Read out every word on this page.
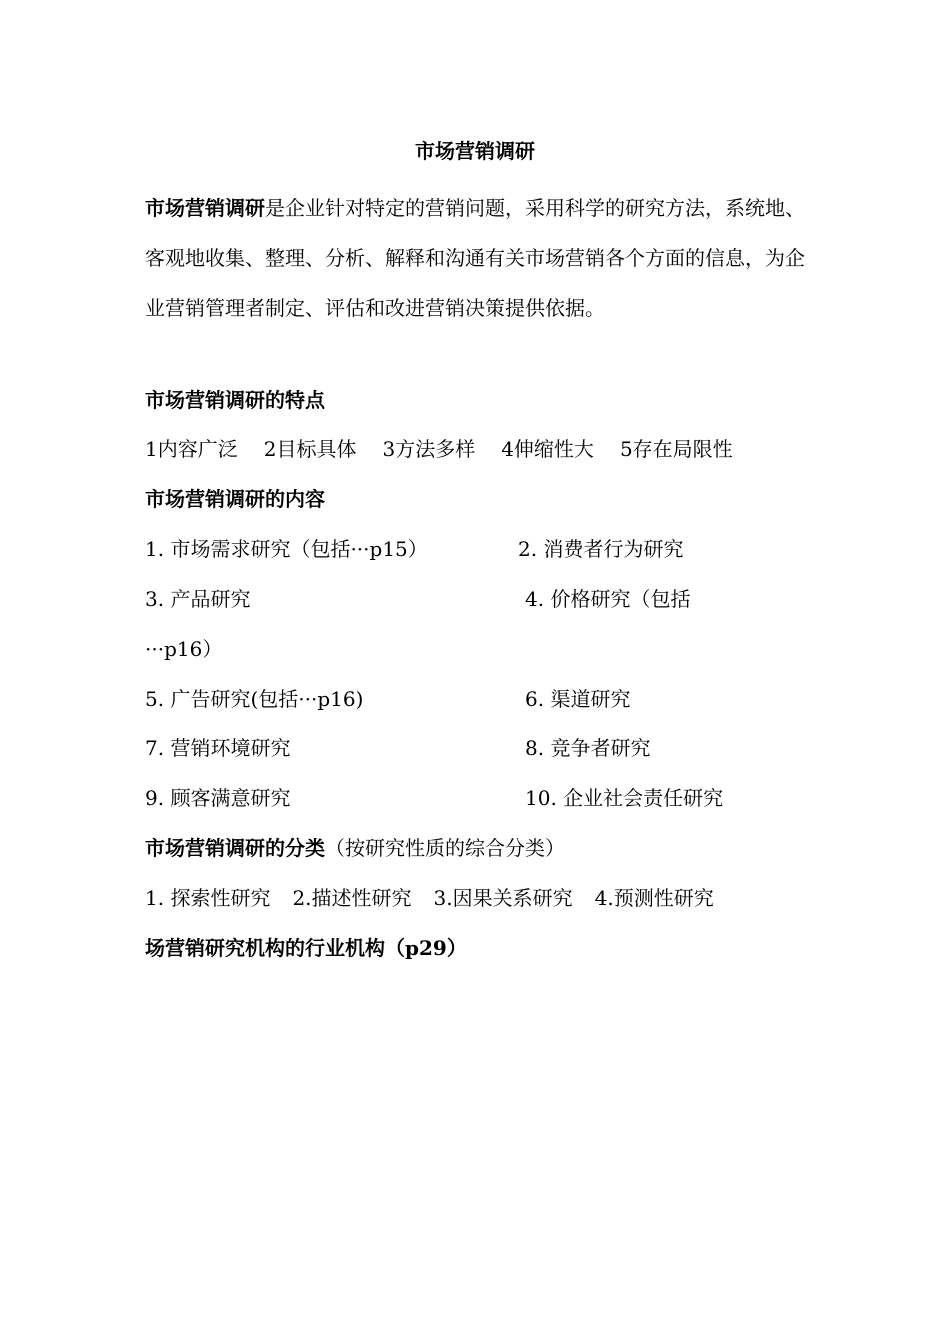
市场营销调研

市场营销调研是企业针对特定的营销问题，采用科学的研究方法，系统地、客观地收集、整理、分析、解释和沟通有关市场营销各个方面的信息，为企业营销管理者制定、评估和改进营销决策提供依据。

市场营销调研的特点
1内容广泛 2目标具体 3方法多样 4伸缩性大 5存在局限性
市场营销调研的内容
1. 市场需求研究（包括···p15）	2. 消费者行为研究
3. 产品研究	4. 价格研究（包括
···p16）
5. 广告研究(包括···p16)	6. 渠道研究
7. 营销环境研究	8. 竞争者研究
9. 顾客满意研究	10. 企业社会责任研究
市场营销调研的分类（按研究性质的综合分类）
1. 探索性研究 2.描述性研究 3.因果关系研究 4.预测性研究
场营销研究机构的行业机构（p29）
